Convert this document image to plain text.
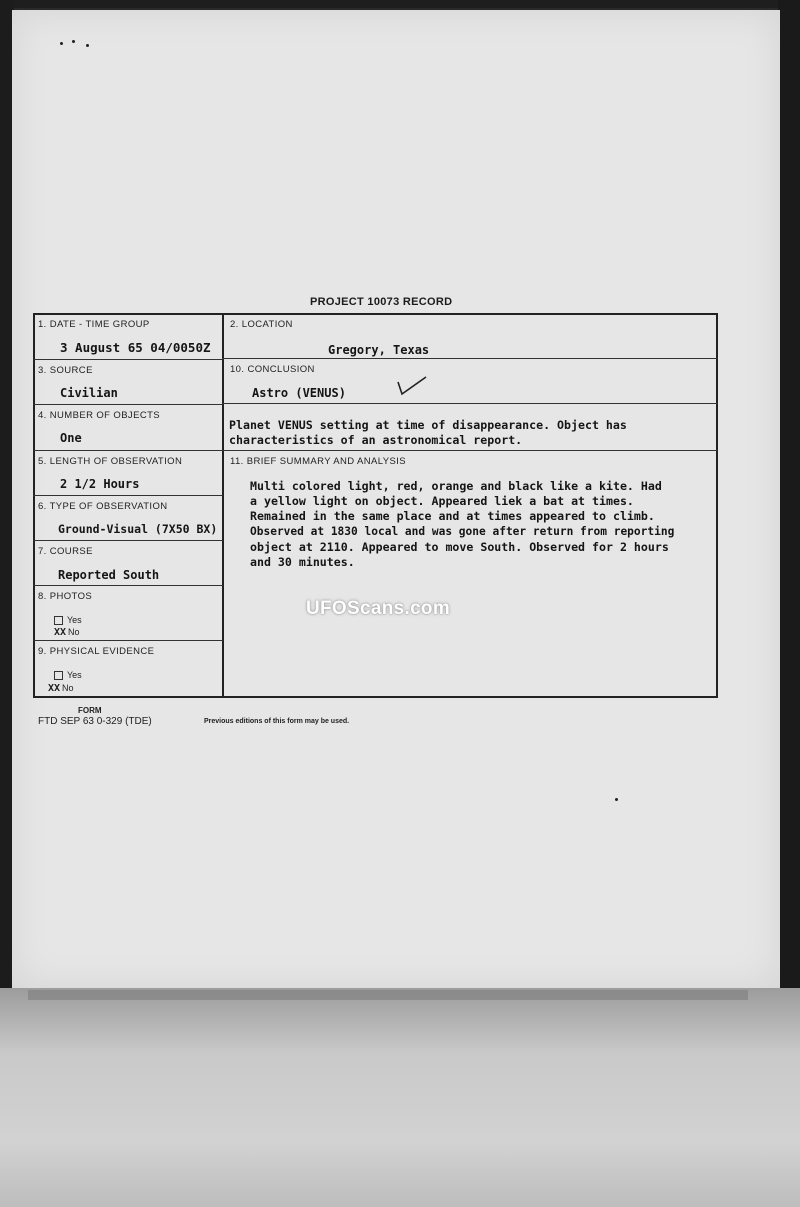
PROJECT 10073 RECORD
1. DATE - TIME GROUP
3 August 65 04/0050Z
2. LOCATION
Gregory, Texas
3. SOURCE
Civilian
10. CONCLUSION
Astro (VENUS)
Planet VENUS setting at time of disappearance. Object has
characteristics of an astronomical report.
4. NUMBER OF OBJECTS
One
5. LENGTH OF OBSERVATION
2 1/2 Hours
11. BRIEF SUMMARY AND ANALYSIS
Multi colored light, red, orange and black like a kite. Had
a yellow light on object. Appeared liek a bat at times.
Remained in the same place and at times appeared to climb.
Observed at 1830 local and was gone after return from reporting
object at 2110. Appeared to move South. Observed for 2 hours
and 30 minutes.
6. TYPE OF OBSERVATION
Ground-Visual (7X50 BX)
7. COURSE
Reported South
8. PHOTOS
Yes
XX No
9. PHYSICAL EVIDENCE
Yes
XX No
UFOScans.com
FORM
FTD SEP 63 0-329 (TDE)	Previous editions of this form may be used.
